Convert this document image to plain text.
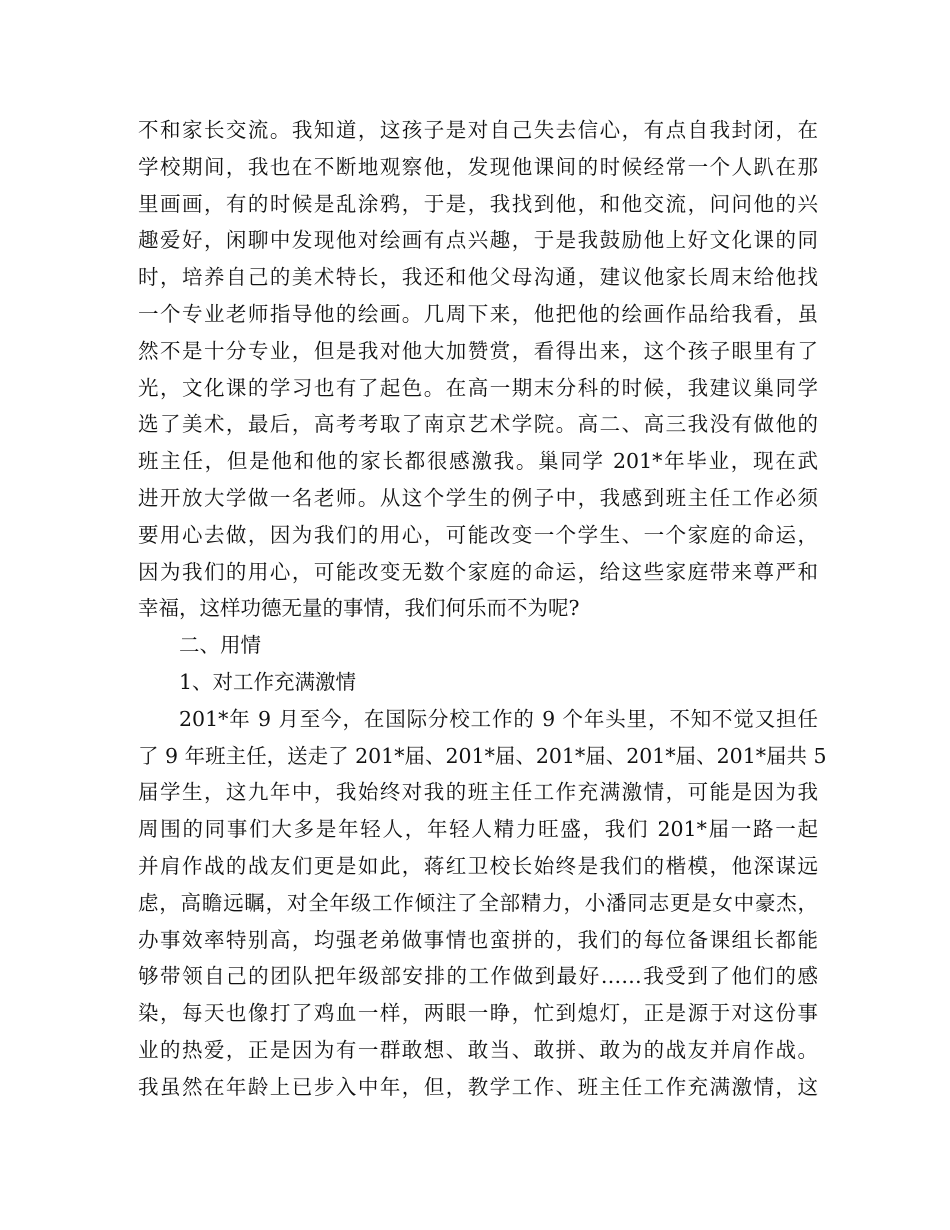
不和家长交流。我知道，这孩子是对自己失去信心，有点自我封闭，在
学校期间，我也在不断地观察他，发现他课间的时候经常一个人趴在那
里画画，有的时候是乱涂鸦，于是，我找到他，和他交流，问问他的兴
趣爱好，闲聊中发现他对绘画有点兴趣，于是我鼓励他上好文化课的同
时，培养自己的美术特长，我还和他父母沟通，建议他家长周末给他找
一个专业老师指导他的绘画。几周下来，他把他的绘画作品给我看，虽
然不是十分专业，但是我对他大加赞赏，看得出来，这个孩子眼里有了
光，文化课的学习也有了起色。在高一期末分科的时候，我建议巢同学
选了美术，最后，高考考取了南京艺术学院。高二、高三我没有做他的
班主任，但是他和他的家长都很感激我。巢同学 201*年毕业，现在武
进开放大学做一名老师。从这个学生的例子中，我感到班主任工作必须
要用心去做，因为我们的用心，可能改变一个学生、一个家庭的命运，
因为我们的用心，可能改变无数个家庭的命运，给这些家庭带来尊严和
幸福，这样功德无量的事情，我们何乐而不为呢?
二、用情
1、对工作充满激情
201*年 9 月至今，在国际分校工作的 9 个年头里，不知不觉又担任
了 9 年班主任，送走了 201*届、201*届、201*届、201*届、201*届共 5
届学生，这九年中，我始终对我的班主任工作充满激情，可能是因为我
周围的同事们大多是年轻人，年轻人精力旺盛，我们 201*届一路一起
并肩作战的战友们更是如此，蒋红卫校长始终是我们的楷模，他深谋远
虑，高瞻远瞩，对全年级工作倾注了全部精力，小潘同志更是女中豪杰，
办事效率特别高，均强老弟做事情也蛮拼的，我们的每位备课组长都能
够带领自己的团队把年级部安排的工作做到最好……我受到了他们的感
染，每天也像打了鸡血一样，两眼一睁，忙到熄灯，正是源于对这份事
业的热爱，正是因为有一群敢想、敢当、敢拼、敢为的战友并肩作战。
我虽然在年龄上已步入中年，但，教学工作、班主任工作充满激情，这
